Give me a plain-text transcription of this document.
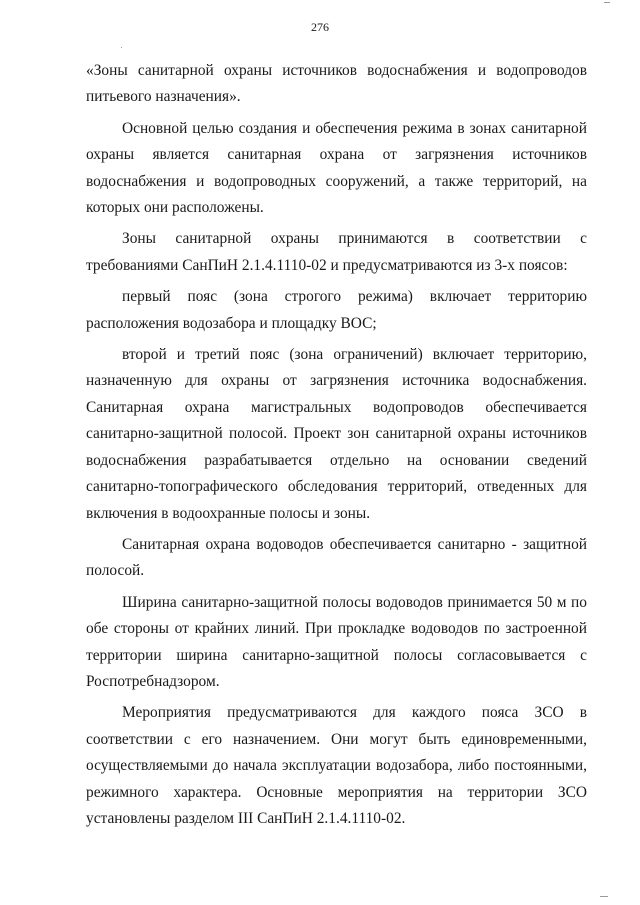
276

«Зоны санитарной охраны источников водоснабжения и водопроводов питьевого назначения».

Основной целью создания и обеспечения режима в зонах санитарной охраны является санитарная охрана от загрязнения источников водоснабжения и водопроводных сооружений, а также территорий, на которых они расположены.

Зоны санитарной охраны принимаются в соответствии с требованиями СанПиН 2.1.4.1110-02 и предусматриваются из 3-х поясов:

первый пояс (зона строгого режима) включает территорию расположения водозабора и площадку ВОС;

второй и третий пояс (зона ограничений) включает территорию, назначенную для охраны от загрязнения источника водоснабжения. Санитарная охрана магистральных водопроводов обеспечивается санитарно-защитной полосой. Проект зон санитарной охраны источников водоснабжения разрабатывается отдельно на основании сведений санитарно-топографического обследования территорий, отведенных для включения в водоохранные полосы и зоны.

Санитарная охрана водоводов обеспечивается санитарно - защитной полосой.

Ширина санитарно-защитной полосы водоводов принимается 50 м по обе стороны от крайних линий. При прокладке водоводов по застроенной территории ширина санитарно-защитной полосы согласовывается с Роспотребнадзором.

Мероприятия предусматриваются для каждого пояса ЗСО в соответствии с его назначением. Они могут быть единовременными, осуществляемыми до начала эксплуатации водозабора, либо постоянными, режимного характера. Основные мероприятия на территории ЗСО установлены разделом III СанПиН 2.1.4.1110-02.
